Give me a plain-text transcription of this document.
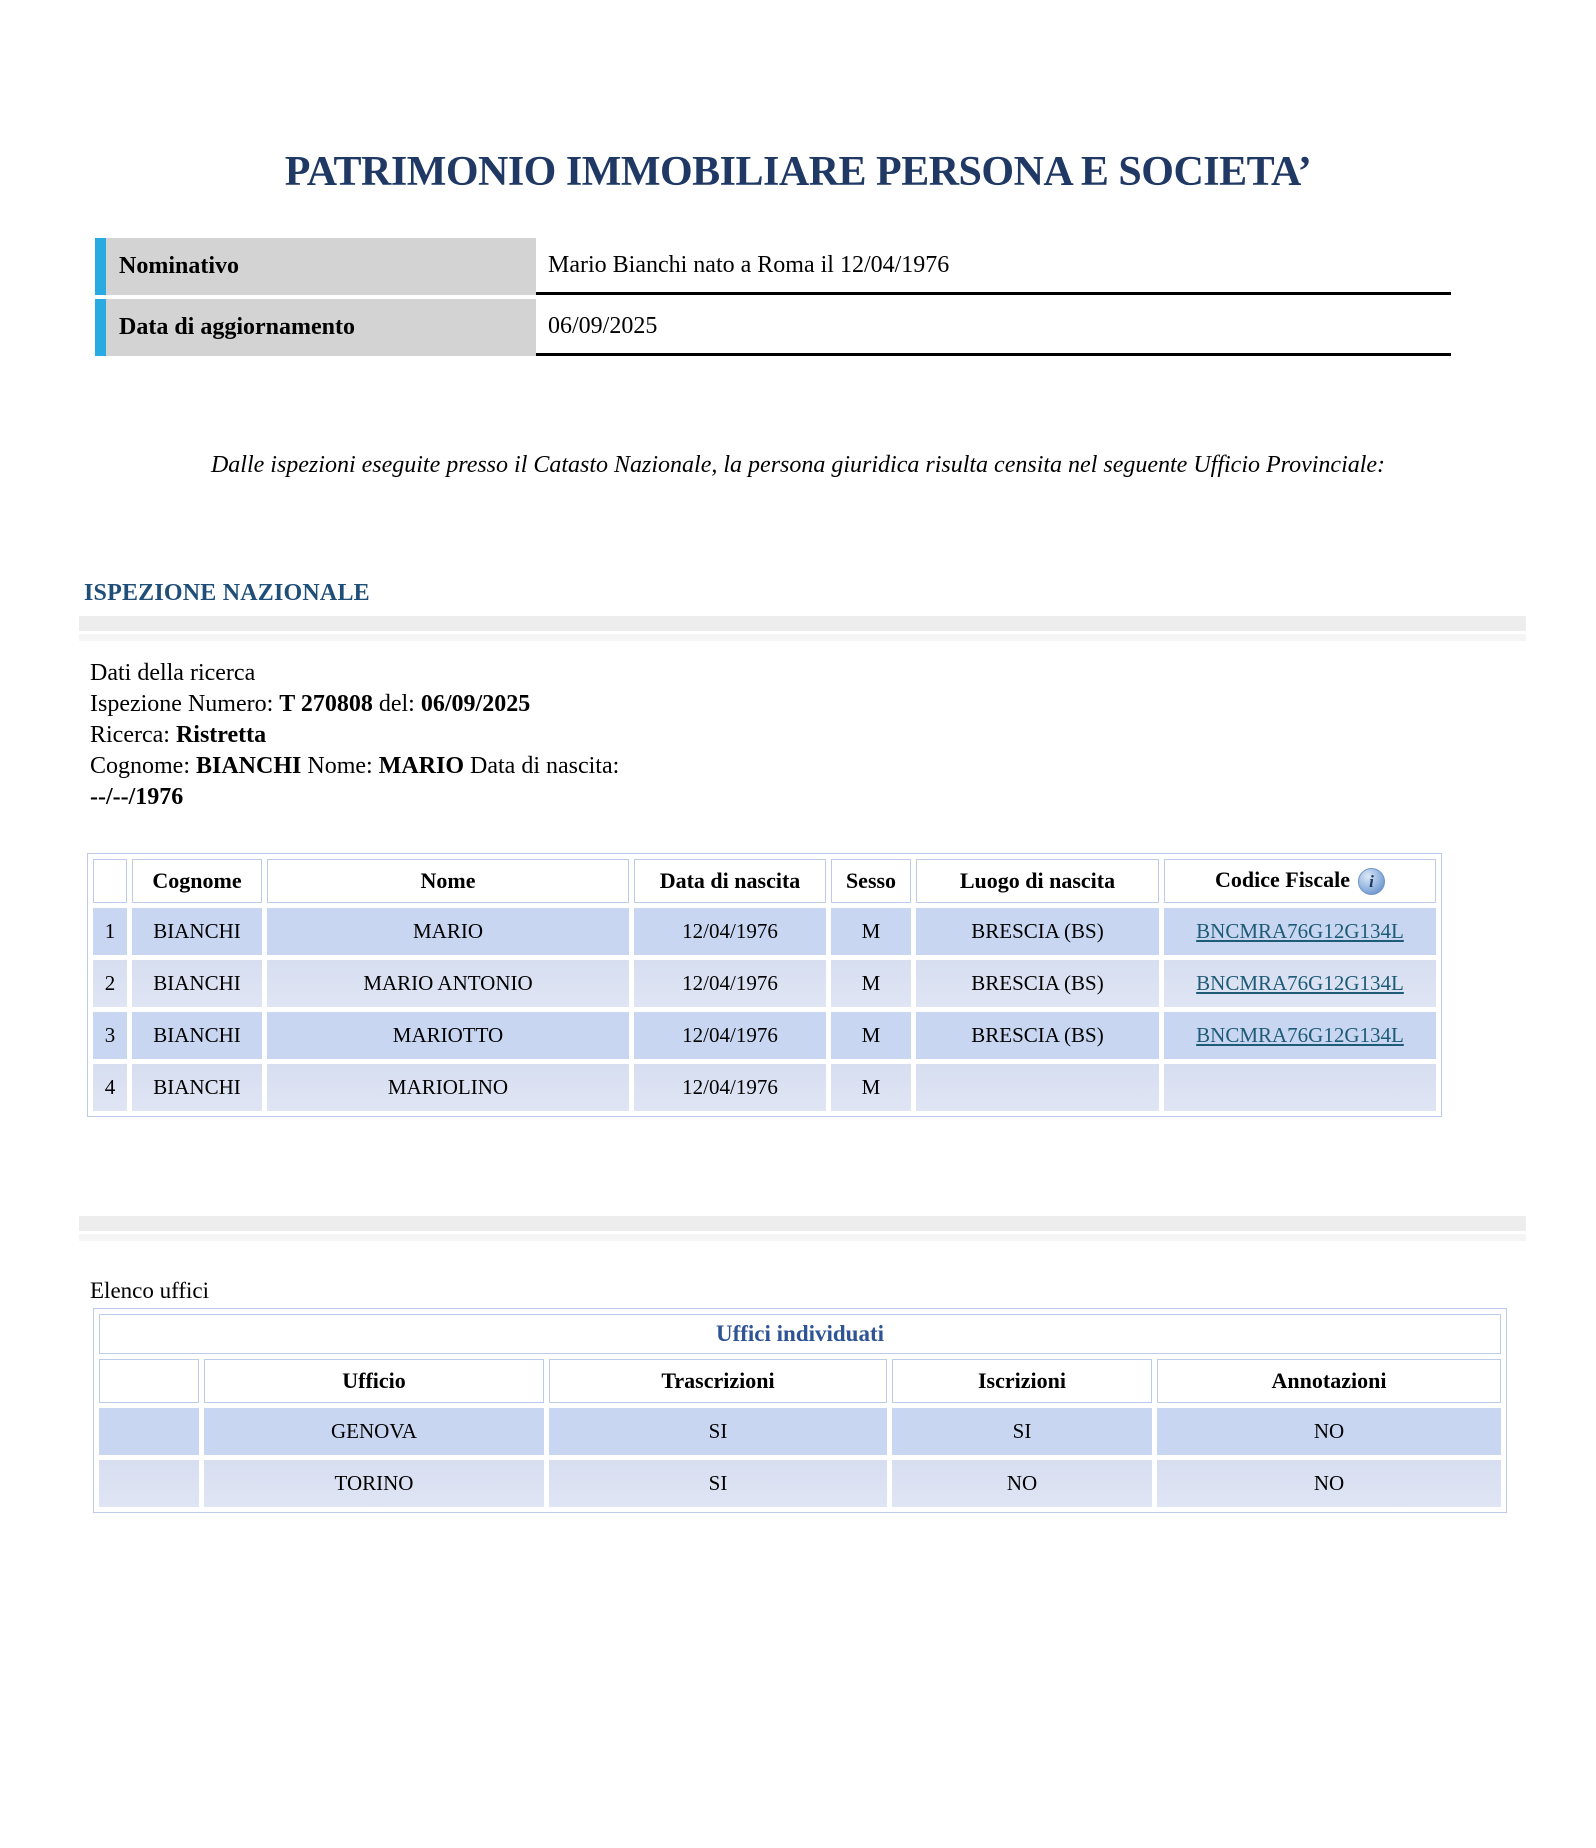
PATRIMONIO IMMOBILIARE PERSONA E SOCIETA’
Nominativo	Mario Bianchi nato a Roma il 12/04/1976
Data di aggiornamento	06/09/2025
Dalle ispezioni eseguite presso il Catasto Nazionale, la persona giuridica risulta censita nel seguente Ufficio Provinciale:
ISPEZIONE NAZIONALE
Dati della ricerca
Ispezione Numero: T 270808 del: 06/09/2025
Ricerca: Ristretta
Cognome: BIANCHI Nome: MARIO Data di nascita:
--/--/1976
	Cognome	Nome	Data di nascita	Sesso	Luogo di nascita	Codice Fiscale i
1	BIANCHI	MARIO	12/04/1976	M	BRESCIA (BS)	BNCMRA76G12G134L
2	BIANCHI	MARIO ANTONIO	12/04/1976	M	BRESCIA (BS)	BNCMRA76G12G134L
3	BIANCHI	MARIOTTO	12/04/1976	M	BRESCIA (BS)	BNCMRA76G12G134L
4	BIANCHI	MARIOLINO	12/04/1976	M		
Elenco uffici
Uffici individuati				
	Ufficio	Trascrizioni	Iscrizioni	Annotazioni
	GENOVA	SI	SI	NO
	TORINO	SI	NO	NO
